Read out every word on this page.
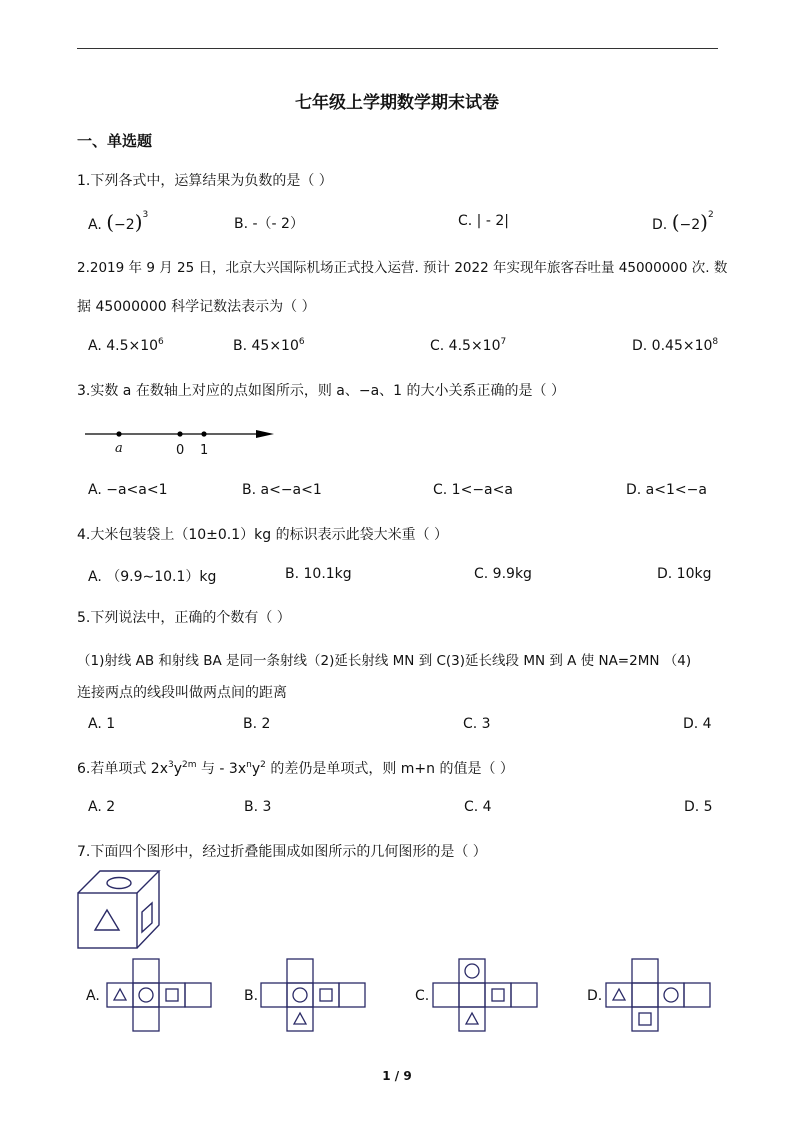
七年级上学期数学期末试卷
一、单选题
1.下列各式中，运算结果为负数的是（ ）
A. $(-2)^3$
B. -（- 2）	C. | - 2|	D. $(-2)^2$
2.2019 年 9 月 25 日，北京大兴国际机场正式投入运营. 预计 2022 年实现年旅客吞吐量 45000000 次. 数
据 45000000 科学记数法表示为（ ）
A. $4.5\times 10^6$	B. $45\times 10^6$	C. $4.5\times 10^7$	D. $0.45\times 10^8$
3.实数 a 在数轴上对应的点如图所示，则 a、−a、1 的大小关系正确的是（ ）
a	0 1
A. −a<a<1	B. a<−a<1	C. 1<−a<a	D. a<1<−a
4.大米包装袋上（10±0.1）kg 的标识表示此袋大米重（ ）
A. （9.9∼10.1）kg	B. 10.1kg	C. 9.9kg	D. 10kg
5.下列说法中，正确的个数有（ ）
（1)射线 AB 和射线 BA 是同一条射线（2)延长射线 MN 到 C(3)延长线段 MN 到 A 使 NA=2MN （4)
连接两点的线段叫做两点间的距离
A. 1	B. 2	C. 3	D. 4
6.若单项式 $2x^3y^{2m}$ 与 - $3x^ny^2$ 的差仍是单项式，则 m+n 的值是（ ）
A. 2	B. 3	C. 4	D. 5
7.下面四个图形中，经过折叠能围成如图所示的几何图形的是（ ）
A.	B.	C.	D.
1 / 9
